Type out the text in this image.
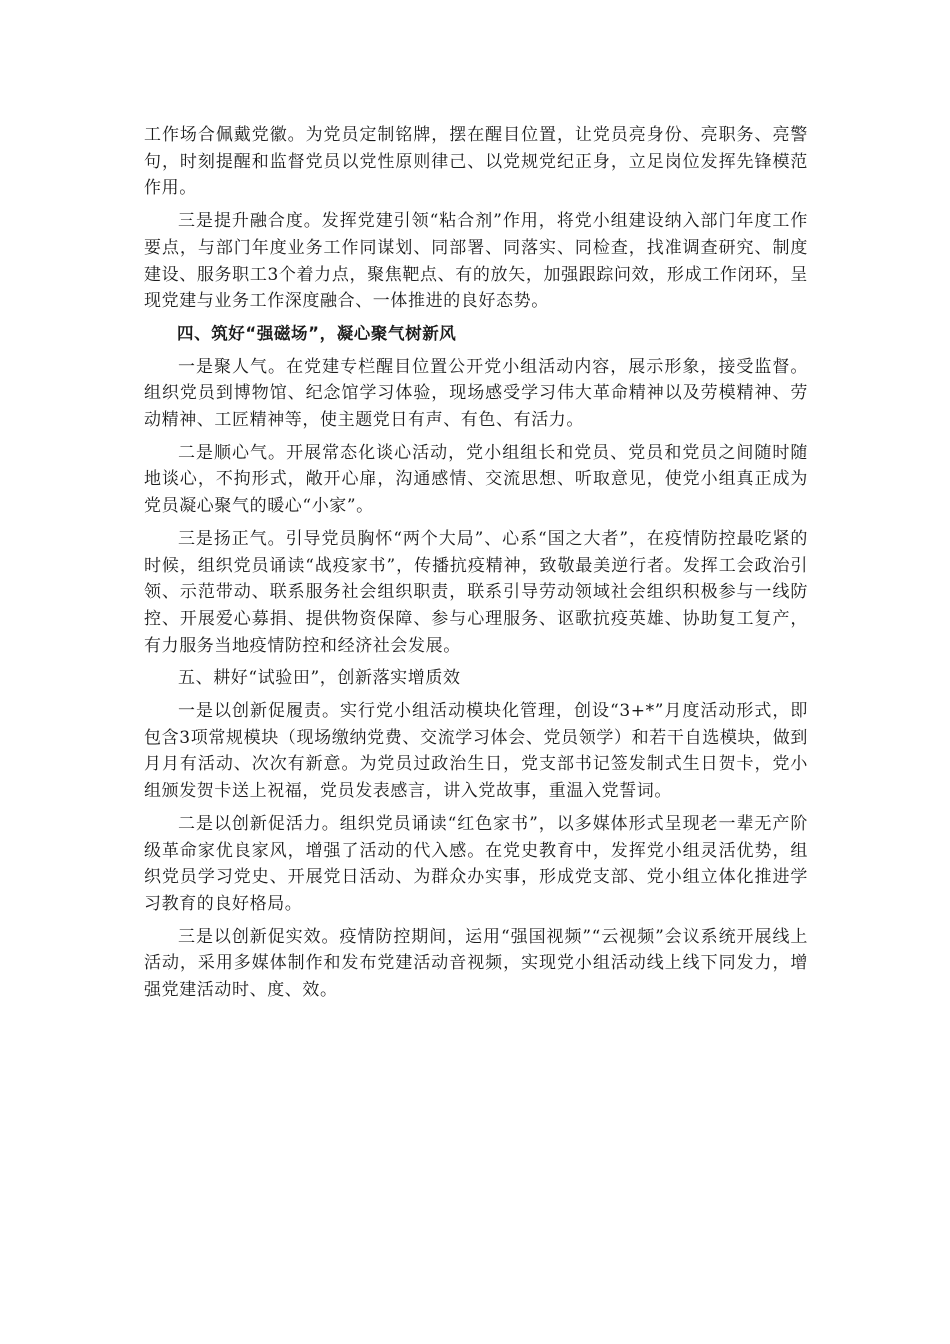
工作场合佩戴党徽。为党员定制铭牌，摆在醒目位置，让党员亮身份、亮职务、亮警句，时刻提醒和监督党员以党性原则律己、以党规党纪正身，立足岗位发挥先锋模范作用。

三是提升融合度。发挥党建引领“粘合剂”作用，将党小组建设纳入部门年度工作要点，与部门年度业务工作同谋划、同部署、同落实、同检查，找准调查研究、制度建设、服务职工3个着力点，聚焦靶点、有的放矢，加强跟踪问效，形成工作闭环，呈现党建与业务工作深度融合、一体推进的良好态势。

四、筑好“强磁场”，凝心聚气树新风

一是聚人气。在党建专栏醒目位置公开党小组活动内容，展示形象，接受监督。组织党员到博物馆、纪念馆学习体验，现场感受学习伟大革命精神以及劳模精神、劳动精神、工匠精神等，使主题党日有声、有色、有活力。

二是顺心气。开展常态化谈心活动，党小组组长和党员、党员和党员之间随时随地谈心，不拘形式，敞开心扉，沟通感情、交流思想、听取意见，使党小组真正成为党员凝心聚气的暖心“小家”。

三是扬正气。引导党员胸怀“两个大局”、心系“国之大者”，在疫情防控最吃紧的时候，组织党员诵读“战疫家书”，传播抗疫精神，致敬最美逆行者。发挥工会政治引领、示范带动、联系服务社会组织职责，联系引导劳动领域社会组织积极参与一线防控、开展爱心募捐、提供物资保障、参与心理服务、讴歌抗疫英雄、协助复工复产，有力服务当地疫情防控和经济社会发展。

五、耕好“试验田”，创新落实增质效

一是以创新促履责。实行党小组活动模块化管理，创设“3+*”月度活动形式，即包含3项常规模块（现场缴纳党费、交流学习体会、党员领学）和若干自选模块，做到月月有活动、次次有新意。为党员过政治生日，党支部书记签发制式生日贺卡，党小组颁发贺卡送上祝福，党员发表感言，讲入党故事，重温入党誓词。

二是以创新促活力。组织党员诵读“红色家书”，以多媒体形式呈现老一辈无产阶级革命家优良家风，增强了活动的代入感。在党史教育中，发挥党小组灵活优势，组织党员学习党史、开展党日活动、为群众办实事，形成党支部、党小组立体化推进学习教育的良好格局。

三是以创新促实效。疫情防控期间，运用“强国视频”“云视频”会议系统开展线上活动，采用多媒体制作和发布党建活动音视频，实现党小组活动线上线下同发力，增强党建活动时、度、效。
